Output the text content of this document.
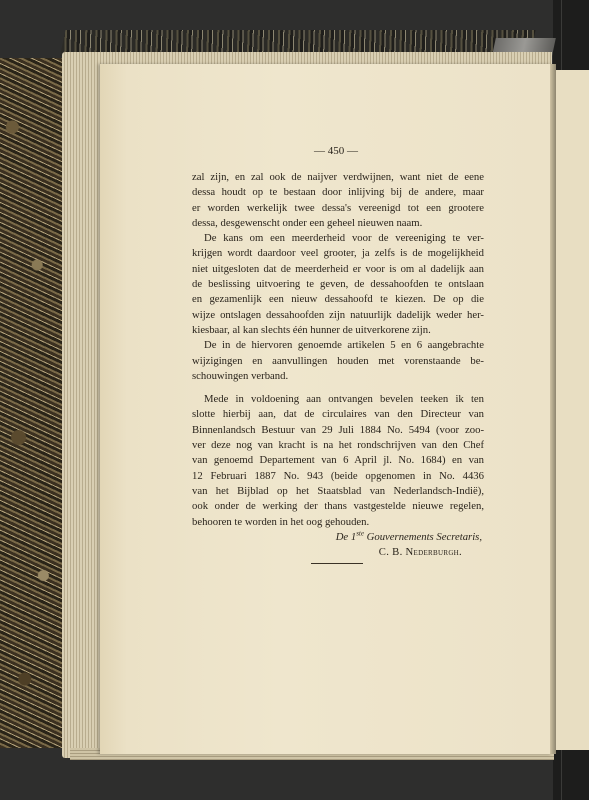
— 450 —
zal zijn, en zal ook de naijver verdwijnen, want niet de eene
dessa houdt op te bestaan door inlijving bij de andere, maar
er worden werkelijk twee dessa's vereenigd tot een grootere
dessa, desgewenscht onder een geheel nieuwen naam.
De kans om een meerderheid voor de vereeniging te ver-
krijgen wordt daardoor veel grooter, ja zelfs is de mogelijkheid
niet uitgesloten dat de meerderheid er voor is om al dadelijk aan
de beslissing uitvoering te geven, de dessahoofden te ontslaan
en gezamenlijk een nieuw dessahoofd te kiezen. De op die
wijze ontslagen dessahoofden zijn natuurlijk dadelijk weder her-
kiesbaar, al kan slechts één hunner de uitverkorene zijn.
De in de hiervoren genoemde artikelen 5 en 6 aangebrachte
wijzigingen en aanvullingen houden met vorenstaande be-
schouwingen verband.
Mede in voldoening aan ontvangen bevelen teeken ik ten
slotte hierbij aan, dat de circulaires van den Directeur van
Binnenlandsch Bestuur van 29 Juli 1884 No. 5494 (voor zoo-
ver deze nog van kracht is na het rondschrijven van den Chef
van genoemd Departement van 6 April jl. No. 1684) en van
12 Februari 1887 No. 943 (beide opgenomen in No. 4436
van het Bijblad op het Staatsblad van Nederlandsch-Indië),
ook onder de werking der thans vastgestelde nieuwe regelen,
behooren te worden in het oog gehouden.
De 1ste Gouvernements Secretaris,
C. B. Nederburgh.
